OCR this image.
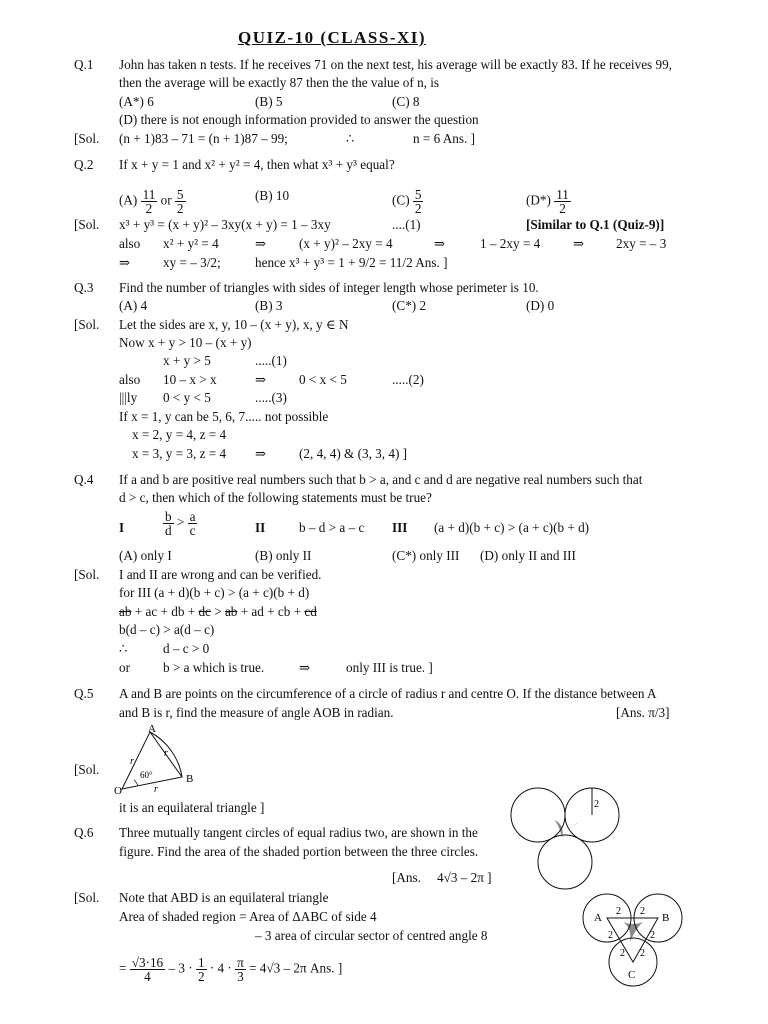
QUIZ-10 (CLASS-XI)
Q.1 John has taken n tests. If he receives 71 on the next test, his average will be exactly 83. If he receives 99,
then the average will be exactly 87 then the the value of n, is
(A*) 6	(B) 5	(C) 8
(D) there is not enough information provided to answer the question
[Sol. (n + 1)83 – 71 = (n + 1)87 – 99;	∴	n = 6 Ans. ]
Q.2 If x + y = 1 and x² + y² = 4, then what x³ + y³ equal?
$(A) \frac{11}{2}$ or $\frac{5}{2}$	(B) 10	$(C) \frac{5}{2}$	$(D*) \frac{11}{2}$
[Sol. x³ + y³ = (x + y)² – 3xy(x + y) = 1 – 3xy	....(1)	[Similar to Q.1 (Quiz-9)]
also x² + y² = 4	⇒ (x + y)² – 2xy = 4	⇒	1 – 2xy = 4 ⇒ 2xy = – 3
⇒ xy = – 3/2;	hence x³ + y³ = 1 + 9/2 = 11/2 Ans. ]
Q.3 Find the number of triangles with sides of integer length whose perimeter is 10.
(A) 4	(B) 3	(C*) 2	(D) 0
[Sol. Let the sides are x, y, 10 – (x + y), x, y ∈ N
Now x + y > 10 – (x + y)
x + y > 5	.....(1)
also 10 – x > x	⇒ 0 < x < 5	.....(2)
|||ly 0 < y < 5	.....(3)
If x = 1, y can be 5, 6, 7..... not possible
x = 2, y = 4, z = 4
x = 3, y = 3, z = 4 ⇒ (2, 4, 4) & (3, 3, 4) ]
Q.4 If a and b are positive real numbers such that b > a, and c and d are negative real numbers such that
d > c, then which of the following statements must be true?
I	$\frac{b}{d} > \frac{a}{c}$	II	b – d > a – c III (a + d)(b + c) > (a + c)(b + d)
(A) only I	(B) only II	(C*) only III (D) only II and III
[Sol. I and II are wrong and can be verified.
for III (a + d)(b + c) > (a + c)(b + d)
ab + ac + db + dc > ab + ad + cb + cd
b(d – c) > a(d – c)
∴	d – c > 0
or	b > a which is true.	⇒	only III is true. ]
Q.5 A and B are points on the circumference of a circle of radius r and centre O. If the distance between A
and B is r, find the measure of angle AOB in radian.	[Ans. π/3]
[Sol.
A
B
O
r
r
r
60°
it is an equilateral triangle ]	2
Q.6 Three mutually tangent circles of equal radius two, are shown in the
figure. Find the area of the shaded portion between the three circles.
[Ans. 4√3 – 2π ]
[Sol. Note that ABD is an equilateral triangle
Area of shaded region = Area of ΔABC of side 4
– 3 area of circular sector of centred angle 8
= $\frac{√3\cdot 16}{4} - 3 \cdot \frac{1}{2} \cdot 4 \cdot \frac{\pi}{3} = 4√3 - 2\pi$ Ans. ]
A	B
C
2 2
2	2
2 2
